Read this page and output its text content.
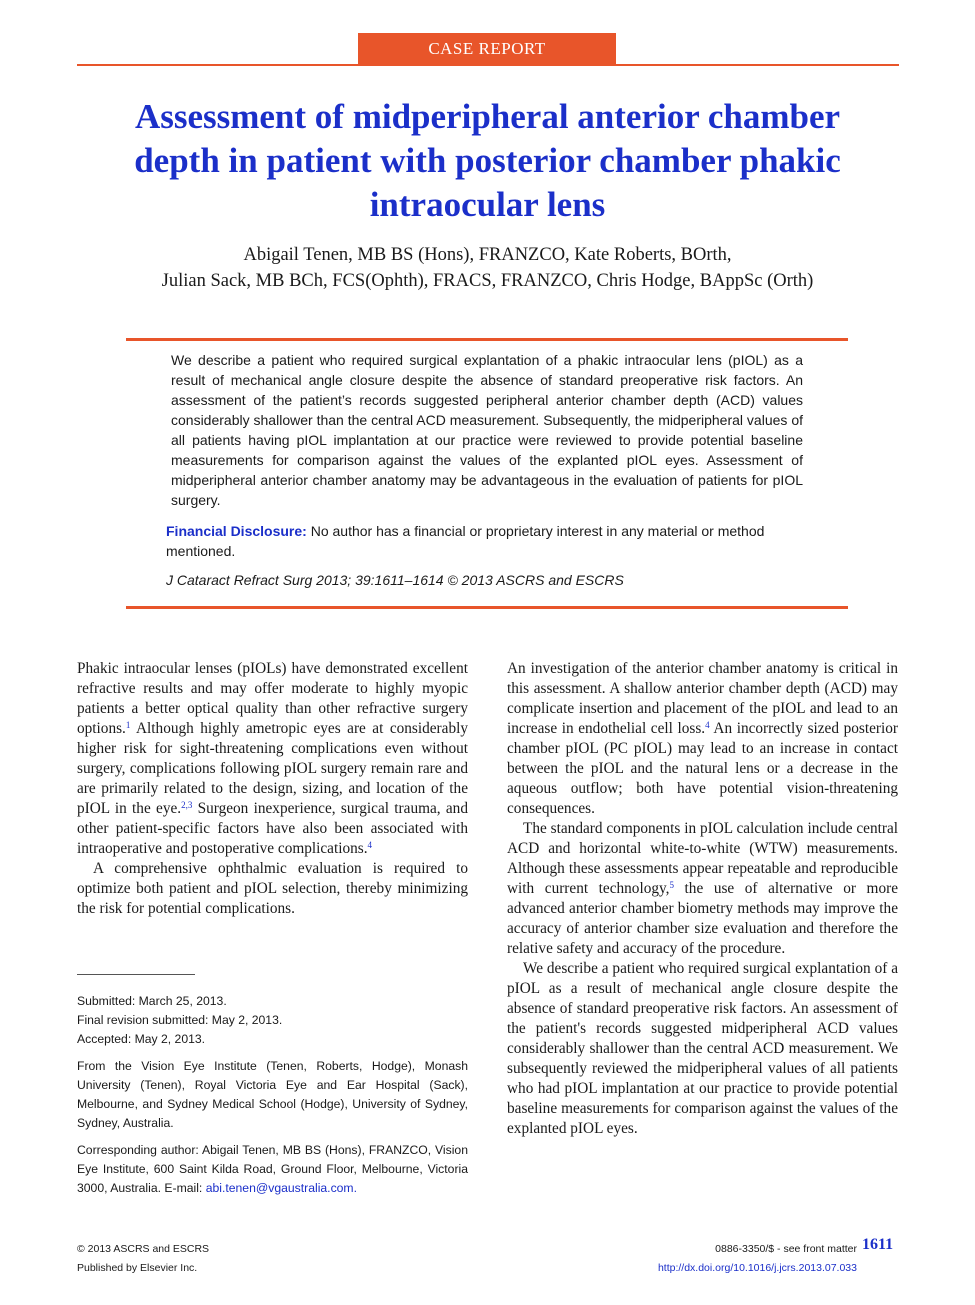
CASE REPORT
Assessment of midperipheral anterior chamber depth in patient with posterior chamber phakic intraocular lens
Abigail Tenen, MB BS (Hons), FRANZCO, Kate Roberts, BOrth,
Julian Sack, MB BCh, FCS(Ophth), FRACS, FRANZCO, Chris Hodge, BAppSc (Orth)

We describe a patient who required surgical explantation of a phakic intraocular lens (pIOL) as a result of mechanical angle closure despite the absence of standard preoperative risk factors. An assessment of the patient’s records suggested peripheral anterior chamber depth (ACD) values considerably shallower than the central ACD measurement. Subsequently, the midperipheral values of all patients having pIOL implantation at our practice were reviewed to provide potential baseline measurements for comparison against the values of the explanted pIOL eyes. Assessment of midperipheral anterior chamber anatomy may be advantageous in the evaluation of patients for pIOL surgery.

Financial Disclosure: No author has a financial or proprietary interest in any material or method mentioned.

J Cataract Refract Surg 2013; 39:1611–1614 © 2013 ASCRS and ESCRS

Phakic intraocular lenses (pIOLs) have demonstrated excellent refractive results and may offer moderate to highly myopic patients a better optical quality than other refractive surgery options.$^1$ Although highly ametropic eyes are at considerably higher risk for sight-threatening complications even without surgery, complications following pIOL surgery remain rare and are primarily related to the design, sizing, and location of the pIOL in the eye.$^{2,3}$ Surgeon inexperience, surgical trauma, and other patient-specific factors have also been associated with intraoperative and postoperative complications.$^4$

A comprehensive ophthalmic evaluation is required to optimize both patient and pIOL selection, thereby minimizing the risk for potential complications.

Submitted: March 25, 2013.
Final revision submitted: May 2, 2013.
Accepted: May 2, 2013.

From the Vision Eye Institute (Tenen, Roberts, Hodge), Monash University (Tenen), Royal Victoria Eye and Ear Hospital (Sack), Melbourne, and Sydney Medical School (Hodge), University of Sydney, Sydney, Australia.

Corresponding author: Abigail Tenen, MB BS (Hons), FRANZCO, Vision Eye Institute, 600 Saint Kilda Road, Ground Floor, Melbourne, Victoria 3000, Australia. E-mail: abi.tenen@vgaustralia.com.

An investigation of the anterior chamber anatomy is critical in this assessment. A shallow anterior chamber depth (ACD) may complicate insertion and placement of the pIOL and lead to an increase in endothelial cell loss.$^4$ An incorrectly sized posterior chamber pIOL (PC pIOL) may lead to an increase in contact between the pIOL and the natural lens or a decrease in the aqueous outflow; both have potential vision-threatening consequences.

The standard components in pIOL calculation include central ACD and horizontal white-to-white (WTW) measurements. Although these assessments appear repeatable and reproducible with current technology,$^5$ the use of alternative or more advanced anterior chamber biometry methods may improve the accuracy of anterior chamber size evaluation and therefore the relative safety and accuracy of the procedure.

We describe a patient who required surgical explantation of a pIOL as a result of mechanical angle closure despite the absence of standard preoperative risk factors. An assessment of the patient's records suggested midperipheral ACD values considerably shallower than the central ACD measurement. We subsequently reviewed the midperipheral values of all patients who had pIOL implantation at our practice to provide potential baseline measurements for comparison against the values of the explanted pIOL eyes.

© 2013 ASCRS and ESCRS
Published by Elsevier Inc.
0886-3350/$ - see front matter 1611
http://dx.doi.org/10.1016/j.jcrs.2013.07.033
